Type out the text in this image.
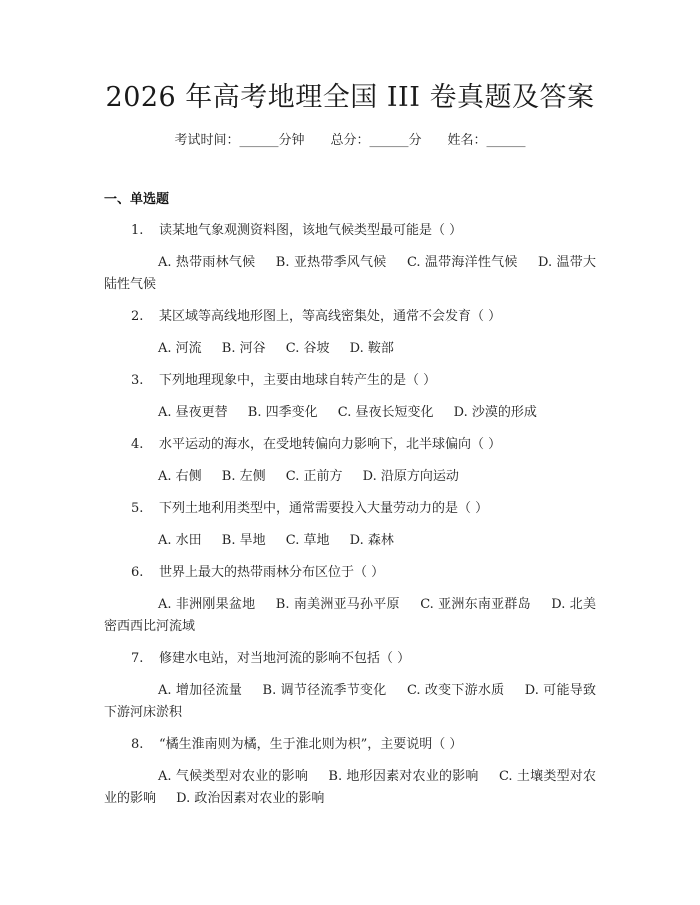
2026 年高考地理全国 III 卷真题及答案
考试时间：______分钟 总分：______分 姓名：______
一、单选题
1. 读某地气象观测资料图，该地气候类型最可能是（ ）
A. 热带雨林气候 B. 亚热带季风气候 C. 温带海洋性气候 D. 温带大陆性气候
2. 某区域等高线地形图上，等高线密集处，通常不会发育（ ）
A. 河流 B. 河谷 C. 谷坡 D. 鞍部
3. 下列地理现象中，主要由地球自转产生的是（ ）
A. 昼夜更替 B. 四季变化 C. 昼夜长短变化 D. 沙漠的形成
4. 水平运动的海水，在受地转偏向力影响下，北半球偏向（ ）
A. 右侧 B. 左侧 C. 正前方 D. 沿原方向运动
5. 下列土地利用类型中，通常需要投入大量劳动力的是（ ）
A. 水田 B. 旱地 C. 草地 D. 森林
6. 世界上最大的热带雨林分布区位于（ ）
A. 非洲刚果盆地 B. 南美洲亚马孙平原 C. 亚洲东南亚群岛 D. 北美密西西比河流域
7. 修建水电站，对当地河流的影响不包括（ ）
A. 增加径流量 B. 调节径流季节变化 C. 改变下游水质 D. 可能导致下游河床淤积
8. “橘生淮南则为橘，生于淮北则为枳”，主要说明（ ）
A. 气候类型对农业的影响 B. 地形因素对农业的影响 C. 土壤类型对农业的影响 D. 政治因素对农业的影响
